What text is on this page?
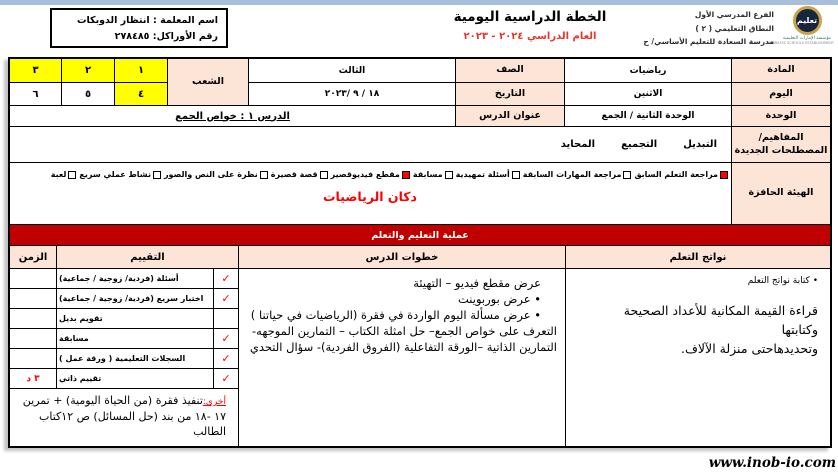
تعليم
مؤسسة الإمارات التعليمية
EMIRATES SCHOOLS ESTABLISHMENT
الفرع المدرسي الأول
النطاق التعليمي ( ٢ )
مدرسة السعادة للتعليم الأساسي/ ح
الخطة الدراسية اليومية
العام الدراسي ٢٠٢٤ - ٢٠٢٣
اسم المعلمة : انتظار الدوبكات
رقم الأوراكل: ٢٧٨٤٨٥
المادة
رياضيات
الصف
الثالث
الشعب
١
٢
٣
اليوم
الاثنين
التاريخ
١٨ / ٩ /٢٠٢٣
٤
٥
٦
الوحدة
الوحدة الثانية / الجمع
عنوان الدرس
الدرس ١ : خواص الجمع
المفاهيم/ المصطلحات الجديدة
التبديل
التجميع
المحايد
الهيئة الحافزة
مراجعة التعلم السابق
مراجعة المهارات السابقة
أسئلة تمهيدية
مسابقة
مقطع فيديوقصير
قصة قصيرة
نظرة على النص والصور
نشاط عملي سريع
لعبة
دكان الرياضيات
عملية التعليم والتعلم
نواتج التعلم
خطوات الدرس
التقييم
الزمن
• كتابة نواتج التعلم
قراءة القيمة المكانية للأعداد الصحيحة
وكتابتها
وتحديدهاحتى منزلة الآلاف.
عرض مقطع فيديو – التهيئة
• عرض بوربوينت
• عرض مسألة اليوم الواردة في فقرة (الرياضيات في حياتنا )
التعرف على خواص الجمع– حل امثلة الكتاب – التمارين الموجهه-التمارين الذاتية –الورقة التفاعلية (الفروق الفردية)- سؤال التحدي
✓
أسئلة (فردية/ زوجية / جماعية)
✓
اختبار سريع (فردية/ زوجية / جماعية)
تقويم بديل
✓
مسابقة
✓
السجلات التعليمية ( ورقة عمل )
✓
تقييم ذاتي
٣ د
أخرى:تنفيذ فقرة (من الحياة اليومية) + تمرين ١٧ -١٨ من بند (حل المسائل) ص ١٢كتاب الطالب
www.inob-io.com
